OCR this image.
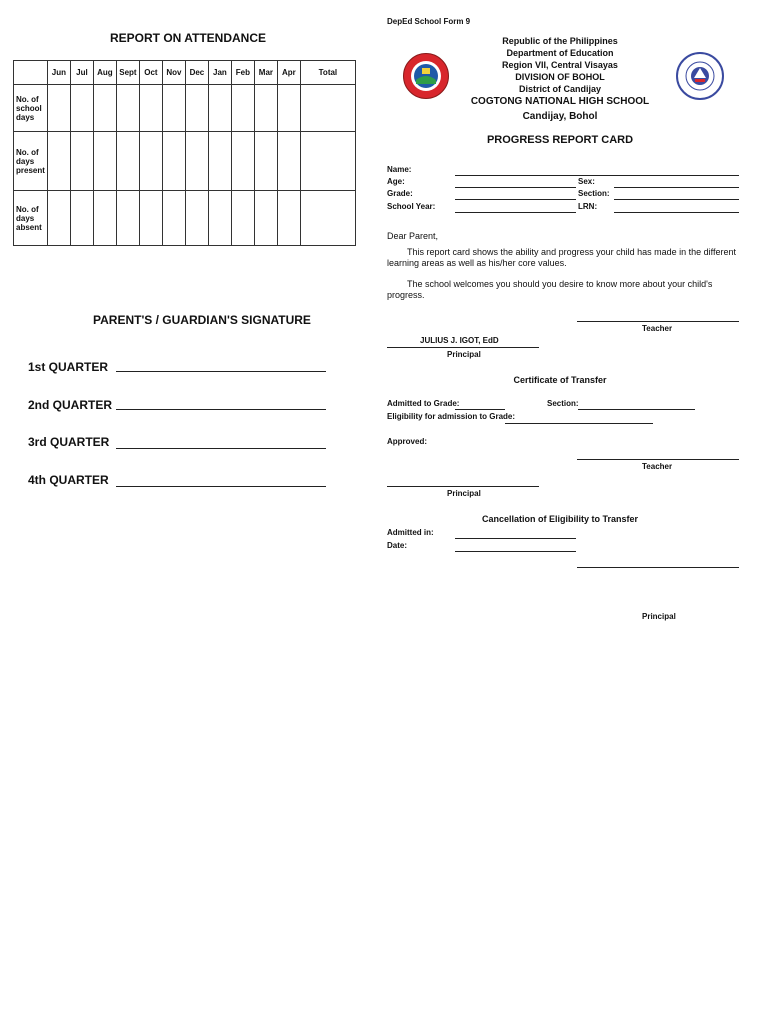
REPORT ON ATTENDANCE
	Jun	Jul	Aug	Sept	Oct	Nov	Dec	Jan	Feb	Mar	Apr	Total
No. of school days												
No. of days present												
No. of days absent												
PARENT'S / GUARDIAN'S SIGNATURE
1st QUARTER
2nd QUARTER
3rd QUARTER
4th QUARTER
DepEd School Form 9
Republic of the Philippines
Department of Education
Region VII, Central Visayas
DIVISION OF BOHOL
District of Candijay
COGTONG NATIONAL HIGH SCHOOL
Candijay, Bohol
PROGRESS REPORT CARD
Name:
Age:	Sex:
Grade:	Section:
School Year:	LRN:
Dear Parent,
This report card shows the ability and progress your child has made in the different learning areas as well as his/her core values.
The school welcomes you should you desire to know more about your child's progress.
Teacher
JULIUS J. IGOT, EdD
Principal
Certificate of Transfer
Admitted to Grade:	Section:
Eligibility for admission to Grade:
Approved:
Teacher
Principal
Cancellation of Eligibility to Transfer
Admitted in:
Date:
Principal
